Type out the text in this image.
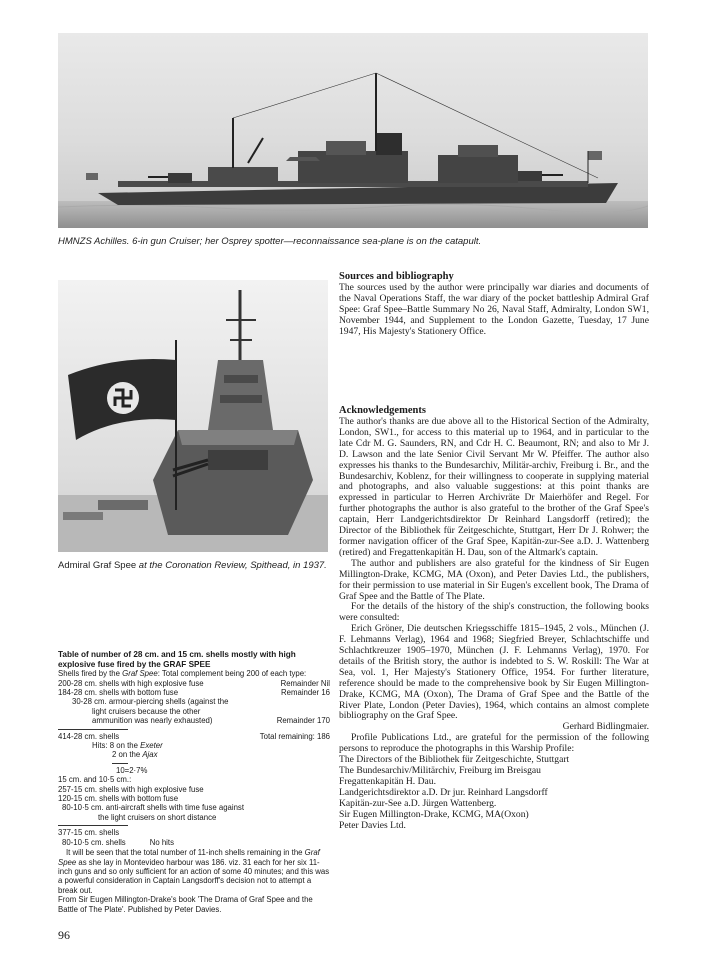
HMNZS Achilles. 6-in gun Cruiser; her Osprey spotter—reconnaissance sea-plane is on the catapult.
Admiral Graf Spee at the Coronation Review, Spithead, in 1937.
Sources and bibliography

The sources used by the author were principally war diaries and documents of the Naval Operations Staff, the war diary of the pocket battleship Admiral Graf Spee: Graf Spee–Battle Summary No 26, Naval Staff, Admiralty, London SW1, November 1944, and Supplement to the London Gazette, Tuesday, 17 June 1947, His Majesty's Stationery Office.

Acknowledgements

The author's thanks are due above all to the Historical Section of the Admiralty, London, SW1., for access to this material up to 1964, and in particular to the late Cdr M. G. Saunders, RN, and Cdr H. C. Beaumont, RN; and also to Mr J. D. Lawson and the late Senior Civil Servant Mr W. Pfeiffer. The author also expresses his thanks to the Bundesarchiv, Militär-archiv, Freiburg i. Br., and the Bundesarchiv, Koblenz, for their willingness to cooperate in supplying material and photographs, and also valuable suggestions: at this point thanks are expressed in particular to Herren Archivräte Dr Maierhöfer and Regel. For further photographs the author is also grateful to the brother of the Graf Spee's captain, Herr Landgerichtsdirektor Dr Reinhard Langsdorff (retired); the Director of the Bibliothek für Zeitgeschichte, Stuttgart, Herr Dr J. Rohwer; the former navigation officer of the Graf Spee, Kapitän-zur-See a.D. J. Wattenberg (retired) and Fregattenkapitän H. Dau, son of the Altmark's captain.

The author and publishers are also grateful for the kindness of Sir Eugen Millington-Drake, KCMG, MA (Oxon), and Peter Davies Ltd., the publishers, for their permission to use material in Sir Eugen's excellent book, The Drama of Graf Spee and the Battle of The Plate.

For the details of the history of the ship's construction, the following books were consulted:

Erich Gröner, Die deutschen Kriegsschiffe 1815–1945, 2 vols., München (J. F. Lehmanns Verlag), 1964 and 1968; Siegfried Breyer, Schlachtschiffe und Schlachtkreuzer 1905–1970, München (J. F. Lehmanns Verlag), 1970. For details of the British story, the author is indebted to S. W. Roskill: The War at Sea, vol. 1, Her Majesty's Stationery Office, 1954. For further literature, reference should be made to the comprehensive book by Sir Eugen Millington-Drake, KCMG, MA (Oxon), The Drama of Graf Spee and the Battle of the River Plate, London (Peter Davies), 1964, which contains an almost complete bibliography on the Graf Spee.

Gerhard Bidlingmaier.

Profile Publications Ltd., are grateful for the permission of the following persons to reproduce the photographs in this Warship Profile:

The Directors of the Bibliothek für Zeitgeschichte, Stuttgart
The Bundesarchiv/Militärchiv, Freiburg im Breisgau
Fregattenkapitän H. Dau.
Landgerichtsdirektor a.D. Dr jur. Reinhard Langsdorff
Kapitän-zur-See a.D. Jürgen Wattenberg.
Sir Eugen Millington-Drake, KCMG, MA(Oxon)
Peter Davies Ltd.
Table of number of 28 cm. and 15 cm. shells mostly with high explosive fuse fired by the GRAF SPEE
Shells fired by the Graf Spee: Total complement being 200 of each type:
200-28 cm. shells with high explosive fuse	Remainder Nil
184-28 cm. shells with bottom fuse	Remainder 16
30-28 cm. armour-piercing shells (against the
light cruisers because the other
ammunition was nearly exhausted)	Remainder 170
414-28 cm. shells	Total remaining: 186
Hits: 8 on the Exeter
2 on the Ajax
10=2·7%
15 cm. and 10·5 cm.:
257-15 cm. shells with high explosive fuse
120-15 cm. shells with bottom fuse
80-10·5 cm. anti-aircraft shells with time fuse against
the light cruisers on short distance
377-15 cm. shells
80-10·5 cm. shells	No hits
It will be seen that the total number of 11-inch shells remaining in the Graf Spee as she lay in Montevideo harbour was 186. viz. 31 each for her six 11-inch guns and so only sufficient for an action of some 40 minutes; and this was a powerful consideration in Captain Langsdorff's decision not to attempt a break out.
From Sir Eugen Millington-Drake's book 'The Drama of Graf Spee and the Battle of The Plate'. Published by Peter Davies.
96
